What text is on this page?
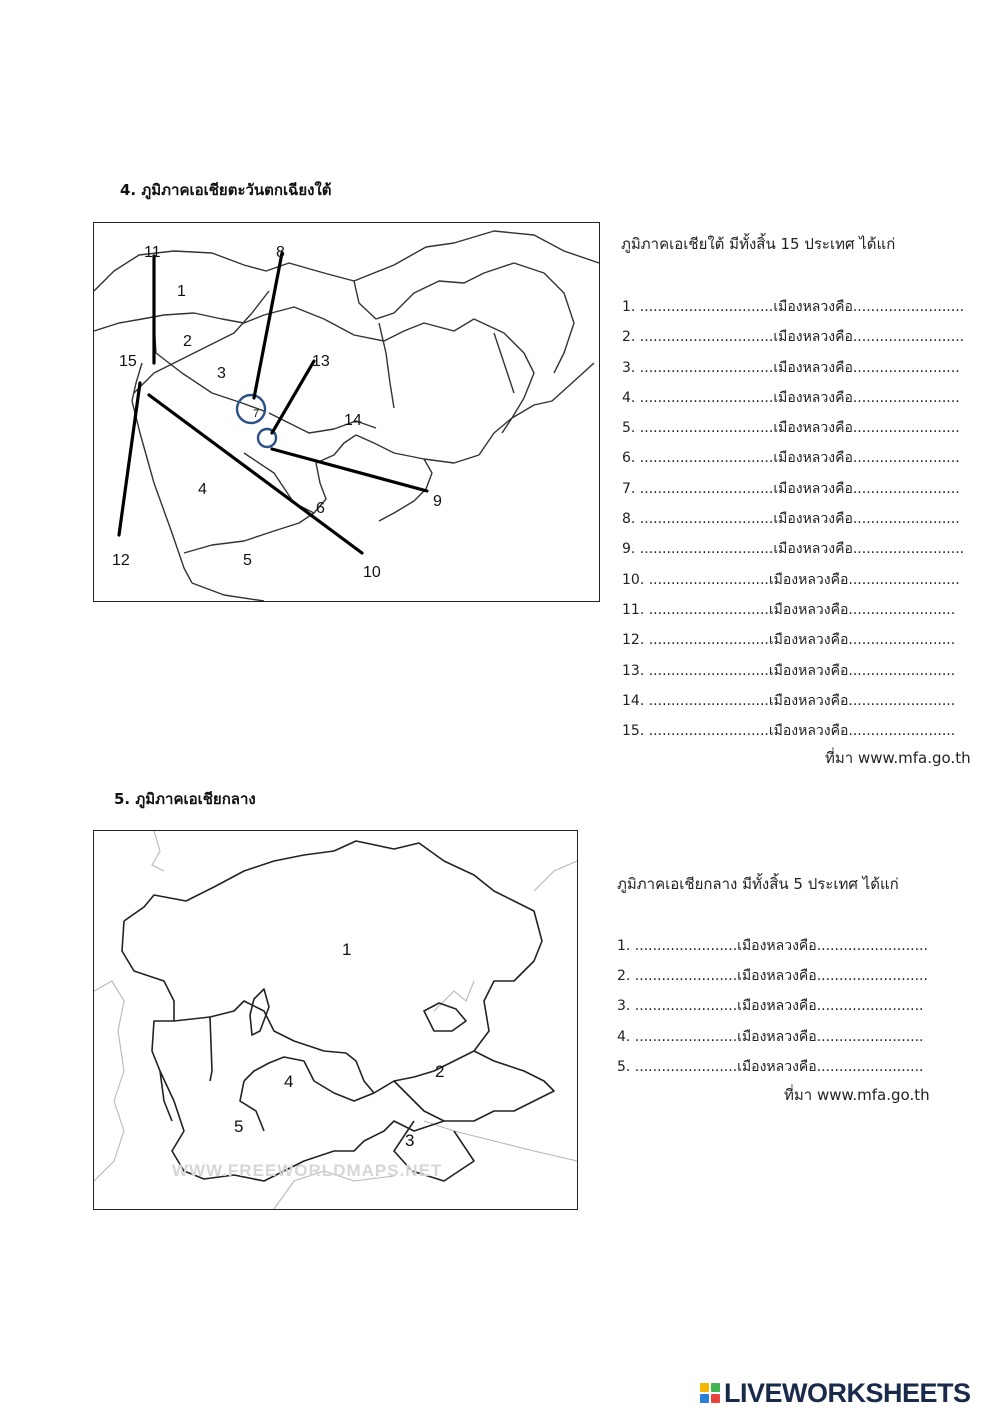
4. ภูมิภาคเอเชียตะวันตกเฉียงใต้
1
2
3
4
5
6
7
8
9
10
11
12
13
14
15
ภูมิภาคเอเชียใต้ มีทั้งสิ้น 15 ประเทศ ได้แก่
1. ..............................เมืองหลวงคือ.........................
2. ..............................เมืองหลวงคือ.........................
3. ..............................เมืองหลวงคือ........................
4. ..............................เมืองหลวงคือ........................
5. ..............................เมืองหลวงคือ........................
6. ..............................เมืองหลวงคือ........................
7. ..............................เมืองหลวงคือ........................
8. ..............................เมืองหลวงคือ........................
9. ..............................เมืองหลวงคือ.........................
10. ...........................เมืองหลวงคือ.........................
11. ...........................เมืองหลวงคือ........................
12. ...........................เมืองหลวงคือ........................
13. ...........................เมืองหลวงคือ........................
14. ...........................เมืองหลวงคือ........................
15. ...........................เมืองหลวงคือ........................
ที่มา www.mfa.go.th
5. ภูมิภาคเอเชียกลาง
WWW.FREEWORLDMAPS.NET
1
2
3
4
5
ภูมิภาคเอเชียกลาง มีทั้งสิ้น 5 ประเทศ ได้แก่
1. .......................เมืองหลวงคือ.........................
2. .......................เมืองหลวงคือ.........................
3. .......................เมืองหลวงคือ........................
4. .......................เมืองหลวงคือ........................
5. .......................เมืองหลวงคือ........................
ที่มา www.mfa.go.th
LIVEWORKSHEETS
